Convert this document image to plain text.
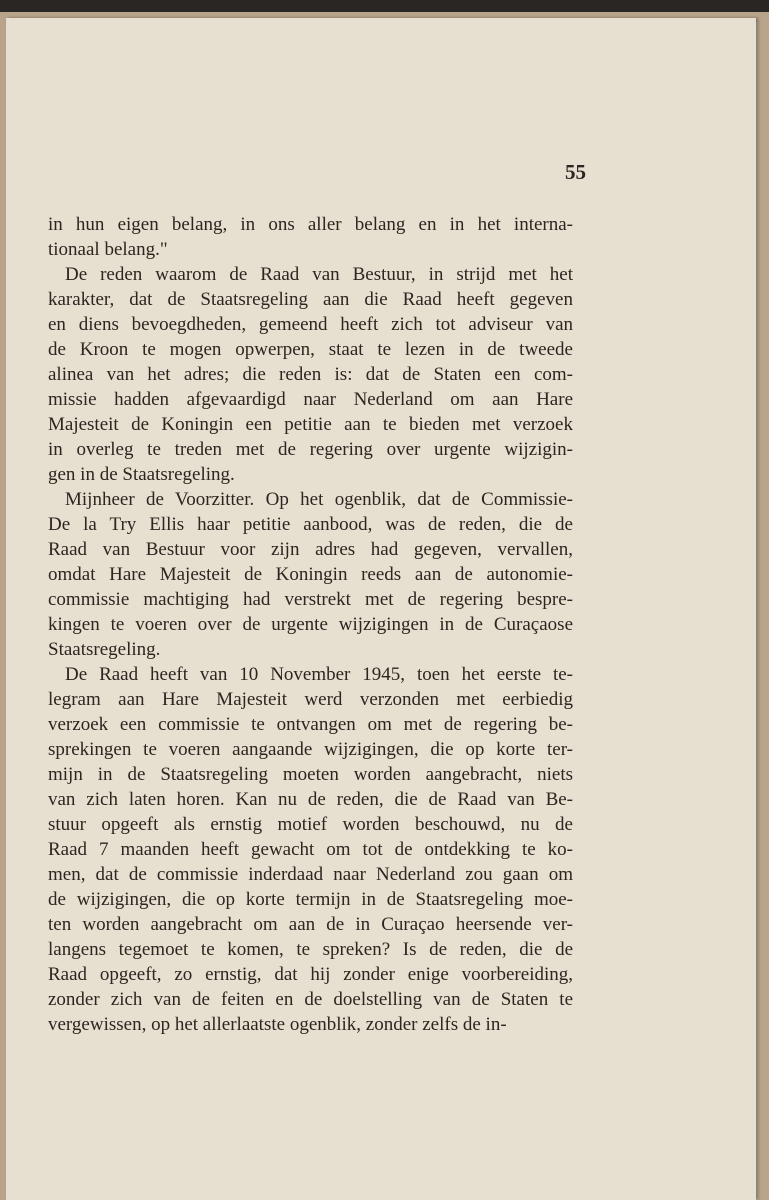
55
in hun eigen belang, in ons aller belang en in het interna-
tionaal belang."
De reden waarom de Raad van Bestuur, in strijd met het
karakter, dat de Staatsregeling aan die Raad heeft gegeven
en diens bevoegdheden, gemeend heeft zich tot adviseur van
de Kroon te mogen opwerpen, staat te lezen in de tweede
alinea van het adres; die reden is: dat de Staten een com-
missie hadden afgevaardigd naar Nederland om aan Hare
Majesteit de Koningin een petitie aan te bieden met verzoek
in overleg te treden met de regering over urgente wijzigin-
gen in de Staatsregeling.
Mijnheer de Voorzitter. Op het ogenblik, dat de Commissie-
De la Try Ellis haar petitie aanbood, was de reden, die de
Raad van Bestuur voor zijn adres had gegeven, vervallen,
omdat Hare Majesteit de Koningin reeds aan de autonomie-
commissie machtiging had verstrekt met de regering bespre-
kingen te voeren over de urgente wijzigingen in de Curaçaose
Staatsregeling.
De Raad heeft van 10 November 1945, toen het eerste te-
legram aan Hare Majesteit werd verzonden met eerbiedig
verzoek een commissie te ontvangen om met de regering be-
sprekingen te voeren aangaande wijzigingen, die op korte ter-
mijn in de Staatsregeling moeten worden aangebracht, niets
van zich laten horen. Kan nu de reden, die de Raad van Be-
stuur opgeeft als ernstig motief worden beschouwd, nu de
Raad 7 maanden heeft gewacht om tot de ontdekking te ko-
men, dat de commissie inderdaad naar Nederland zou gaan om
de wijzigingen, die op korte termijn in de Staatsregeling moe-
ten worden aangebracht om aan de in Curaçao heersende ver-
langens tegemoet te komen, te spreken? Is de reden, die de
Raad opgeeft, zo ernstig, dat hij zonder enige voorbereiding,
zonder zich van de feiten en de doelstelling van de Staten te
vergewissen, op het allerlaatste ogenblik, zonder zelfs de in-
